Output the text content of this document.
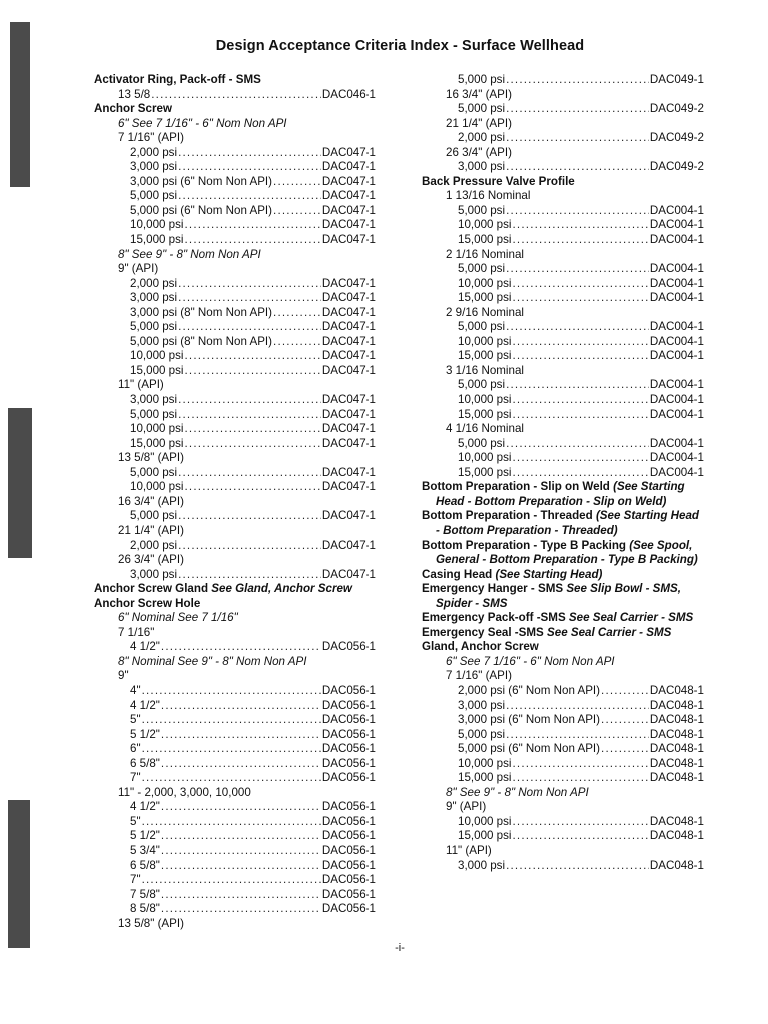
Design Acceptance Criteria Index - Surface Wellhead
Activator Ring, Pack-off - SMS
13 5/8 .....	DAC046-1
Anchor Screw
6" See 7 1/16" - 6" Nom Non API
7 1/16" (API)
2,000 psi .....	DAC047-1
3,000 psi .....	DAC047-1
3,000 psi (6" Nom Non API) .....	DAC047-1
5,000 psi .....	DAC047-1
5,000 psi (6" Nom Non API) .....	DAC047-1
10,000 psi .....	DAC047-1
15,000 psi .....	DAC047-1
8" See 9" - 8" Nom Non API
9" (API)
2,000 psi .....	DAC047-1
3,000 psi .....	DAC047-1
3,000 psi (8" Nom Non API) .....	DAC047-1
5,000 psi .....	DAC047-1
5,000 psi (8" Nom Non API) .....	DAC047-1
10,000 psi .....	DAC047-1
15,000 psi .....	DAC047-1
11" (API)
3,000 psi .....	DAC047-1
5,000 psi .....	DAC047-1
10,000 psi .....	DAC047-1
15,000 psi .....	DAC047-1
13 5/8" (API)
5,000 psi .....	DAC047-1
10,000 psi .....	DAC047-1
16 3/4" (API)
5,000 psi .....	DAC047-1
21 1/4" (API)
2,000 psi .....	DAC047-1
26 3/4" (API)
3,000 psi .....	DAC047-1
Anchor Screw Gland See Gland, Anchor Screw
Anchor Screw Hole
6" Nominal See 7 1/16"
7 1/16"
4 1/2" .....	DAC056-1
8" Nominal See 9" - 8" Nom Non API
9"
4" .....	DAC056-1
4 1/2" .....	DAC056-1
5" .....	DAC056-1
5 1/2" .....	DAC056-1
6" .....	DAC056-1
6 5/8" .....	DAC056-1
7" .....	DAC056-1
11" - 2,000, 3,000, 10,000
4 1/2" .....	DAC056-1
5" .....	DAC056-1
5 1/2" .....	DAC056-1
5 3/4" .....	DAC056-1
6 5/8" .....	DAC056-1
7" .....	DAC056-1
7 5/8" .....	DAC056-1
8 5/8" .....	DAC056-1
13 5/8" (API)
5,000 psi .....	DAC049-1
16 3/4" (API)
5,000 psi .....	DAC049-2
21 1/4" (API)
2,000 psi .....	DAC049-2
26 3/4" (API)
3,000 psi .....	DAC049-2
Back Pressure Valve Profile
1 13/16 Nominal
5,000 psi .....	DAC004-1
10,000 psi .....	DAC004-1
15,000 psi .....	DAC004-1
2 1/16 Nominal
5,000 psi .....	DAC004-1
10,000 psi .....	DAC004-1
15,000 psi .....	DAC004-1
2 9/16 Nominal
5,000 psi .....	DAC004-1
10,000 psi .....	DAC004-1
15,000 psi .....	DAC004-1
3 1/16 Nominal
5,000 psi .....	DAC004-1
10,000 psi .....	DAC004-1
15,000 psi .....	DAC004-1
4 1/16 Nominal
5,000 psi .....	DAC004-1
10,000 psi .....	DAC004-1
15,000 psi .....	DAC004-1
Bottom Preparation - Slip on Weld (See Starting Head - Bottom Preparation - Slip on Weld)
Bottom Preparation - Threaded (See Starting Head - Bottom Preparation - Threaded)
Bottom Preparation - Type B Packing (See Spool, General - Bottom Preparation - Type B Packing)
Casing Head (See Starting Head)
Emergency Hanger - SMS See Slip Bowl - SMS, Spider - SMS
Emergency Pack-off -SMS See Seal Carrier - SMS
Emergency Seal -SMS See Seal Carrier - SMS
Gland, Anchor Screw
6" See 7 1/16" - 6" Nom Non API
7 1/16" (API)
2,000 psi (6" Nom Non API) .....	DAC048-1
3,000 psi .....	DAC048-1
3,000 psi (6" Nom Non API) .....	DAC048-1
5,000 psi .....	DAC048-1
5,000 psi (6" Nom Non API) .....	DAC048-1
10,000 psi .....	DAC048-1
15,000 psi .....	DAC048-1
8" See 9" - 8" Nom Non API
9" (API)
10,000 psi .....	DAC048-1
15,000 psi .....	DAC048-1
11" (API)
3,000 psi .....	DAC048-1
-i-
